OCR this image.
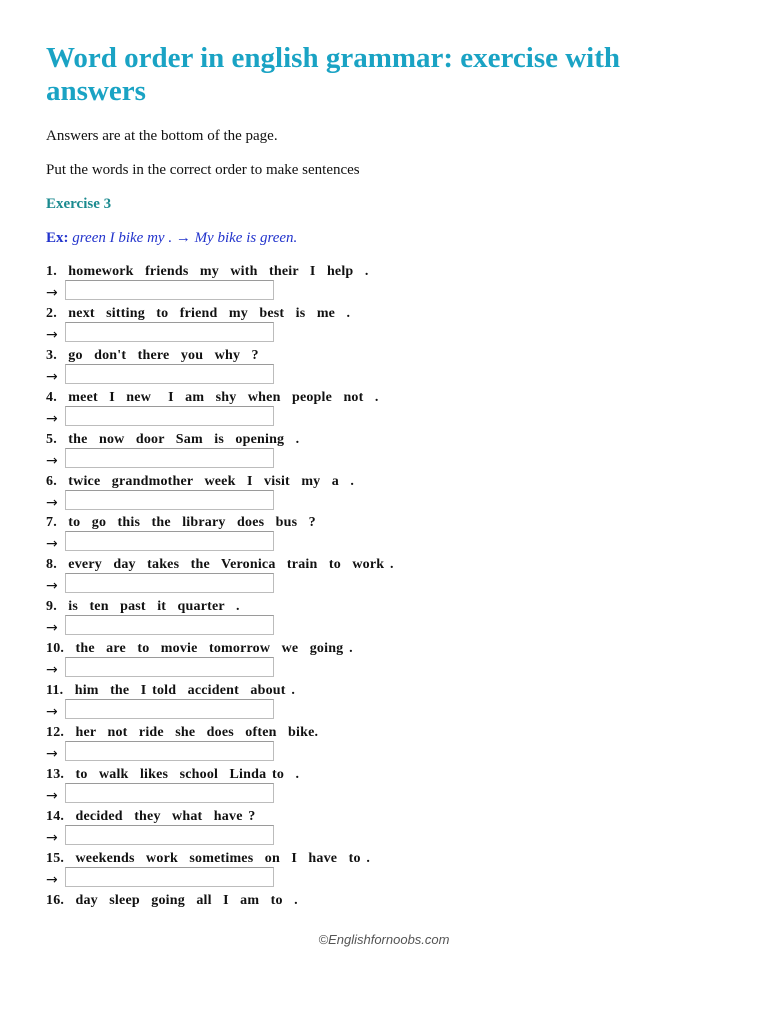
Word order in english grammar: exercise with answers

Answers are at the bottom of the page.

Put the words in the correct order to make sentences

Exercise 3

Ex: green I bike my . → My bike is green.

1.  homework  friends  my  with  their  I  help  .
→
2.  next  sitting  to  friend  my  best  is  me  .
→
3.  go  don't  there  you  why  ?
→
4.  meet  I  new   I  am  shy  when  people  not  .
→
5.  the  now  door  Sam  is  opening  .
→
6.  twice  grandmother  week  I  visit  my  a  .
→
7.  to  go  this  the  library  does  bus  ?
→
8.  every  day  takes  the  Veronica  train  to  work .
→
9.  is  ten  past  it  quarter  .
→
10.  the  are  to  movie  tomorrow  we  going .
→
11.  him  the  I told  accident  about .
→
12.  her  not  ride  she  does  often  bike.
→
13.  to  walk  likes  school  Linda to  .
→
14.  decided  they  what  have ?
→
15.  weekends  work  sometimes  on  I  have  to .
→
16.  day  sleep  going  all  I  am  to  .

©Englishfornoobs.com
